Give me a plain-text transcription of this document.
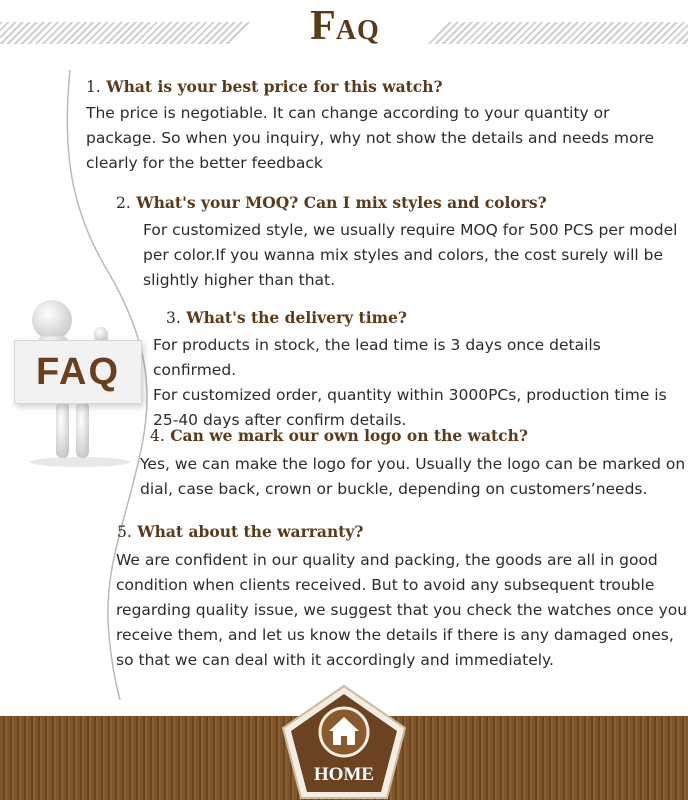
FAQ
FAQ
1. What is your best price for this watch?
The price is negotiable. It can change according to your quantity or
package. So when you inquiry, why not show the details and needs more
clearly for the better feedback
2. What's your MOQ? Can I mix styles and colors?
For customized style, we usually require MOQ for 500 PCS per model
per color.If you wanna mix styles and colors, the cost surely will be
slightly higher than that.
3. What's the delivery time?
For products in stock, the lead time is 3 days once details confirmed.
For customized order, quantity within 3000PCs, production time is
25-40 days after confirm details.
4. Can we mark our own logo on the watch?
Yes, we can make the logo for you. Usually the logo can be marked on
dial, case back, crown or buckle, depending on customers’needs.
5. What about the warranty?
We are confident in our quality and packing, the goods are all in good
condition when clients received. But to avoid any subsequent trouble
regarding quality issue, we suggest that you check the watches once you
receive them, and let us know the details if there is any damaged ones,
so that we can deal with it accordingly and immediately.
HOME
